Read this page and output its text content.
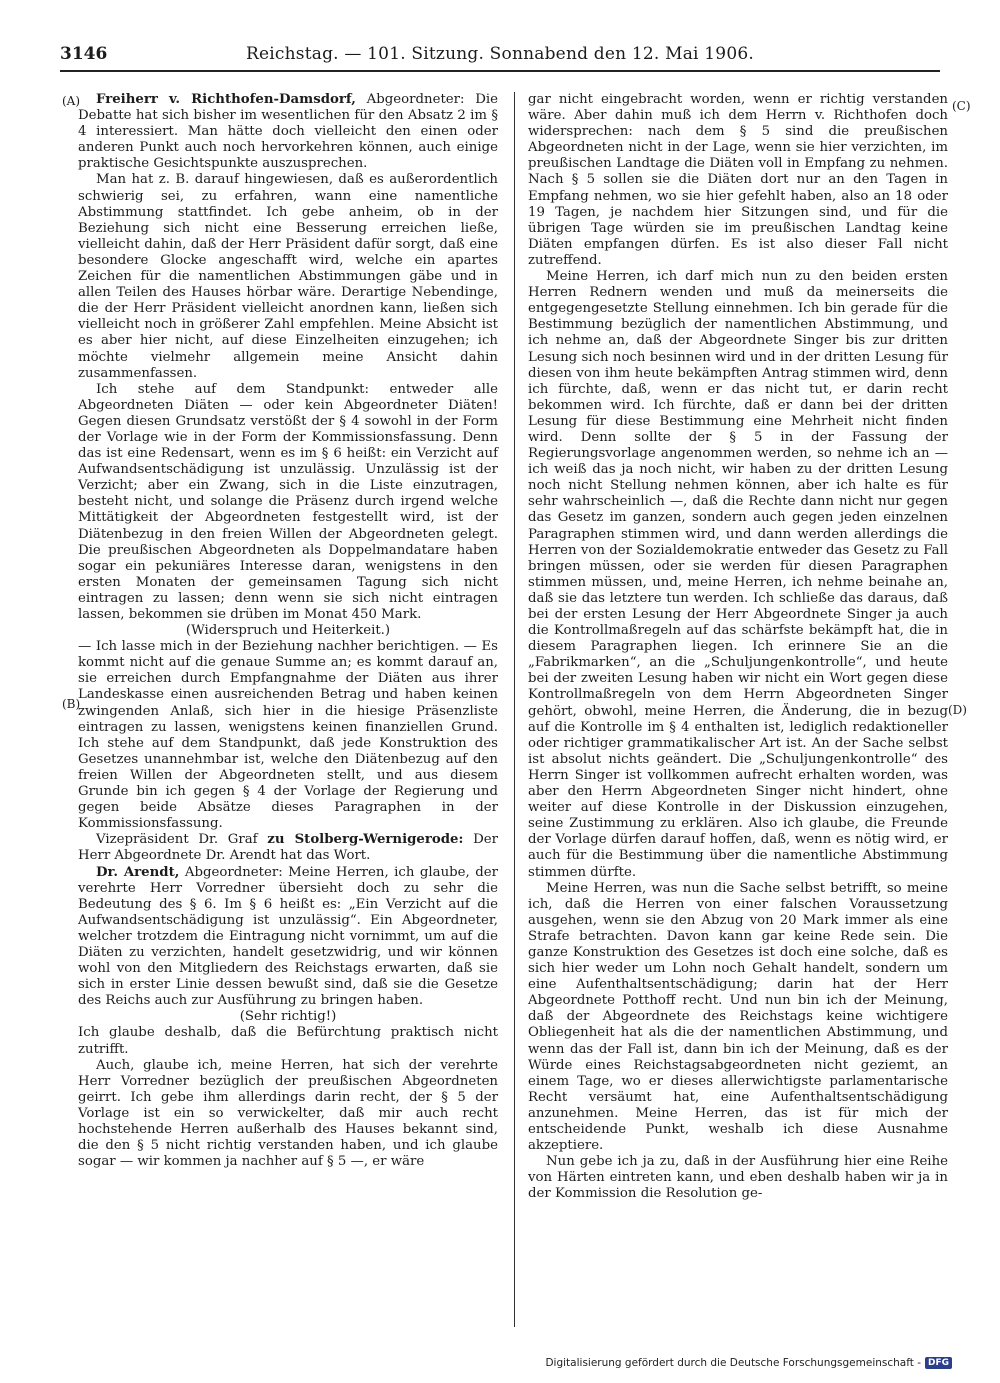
3146	Reichstag. — 101. Sitzung. Sonnabend den 12. Mai 1906.
(A)
(B)
(C)
(D)

Freiherr v. Richthofen-Damsdorf, Abgeordneter: Die Debatte hat sich bisher im wesentlichen für den Absatz 2 im § 4 interessiert. Man hätte doch vielleicht den einen oder anderen Punkt auch noch hervorkehren können, auch einige praktische Gesichtspunkte auszusprechen.

Man hat z. B. darauf hingewiesen, daß es außerordentlich schwierig sei, zu erfahren, wann eine namentliche Abstimmung stattfindet. Ich gebe anheim, ob in der Beziehung sich nicht eine Besserung erreichen ließe, vielleicht dahin, daß der Herr Präsident dafür sorgt, daß eine besondere Glocke angeschafft wird, welche ein apartes Zeichen für die namentlichen Abstimmungen gäbe und in allen Teilen des Hauses hörbar wäre. Derartige Nebendinge, die der Herr Präsident vielleicht anordnen kann, ließen sich vielleicht noch in größerer Zahl empfehlen. Meine Absicht ist es aber hier nicht, auf diese Einzelheiten einzugehen; ich möchte vielmehr allgemein meine Ansicht dahin zusammenfassen.

Ich stehe auf dem Standpunkt: entweder alle Abgeordneten Diäten — oder kein Abgeordneter Diäten! Gegen diesen Grundsatz verstößt der § 4 sowohl in der Form der Vorlage wie in der Form der Kommissionsfassung. Denn das ist eine Redensart, wenn es im § 6 heißt: ein Verzicht auf Aufwandsentschädigung ist unzulässig. Unzulässig ist der Verzicht; aber ein Zwang, sich in die Liste einzutragen, besteht nicht, und solange die Präsenz durch irgend welche Mittätigkeit der Abgeordneten festgestellt wird, ist der Diätenbezug in den freien Willen der Abgeordneten gelegt. Die preußischen Abgeordneten als Doppelmandatare haben sogar ein pekuniäres Interesse daran, wenigstens in den ersten Monaten der gemeinsamen Tagung sich nicht eintragen zu lassen; denn wenn sie sich nicht eintragen lassen, bekommen sie drüben im Monat 450 Mark.

(Widerspruch und Heiterkeit.)

— Ich lasse mich in der Beziehung nachher berichtigen. — Es kommt nicht auf die genaue Summe an; es kommt darauf an, sie erreichen durch Empfangnahme der Diäten aus ihrer Landeskasse einen ausreichenden Betrag und haben keinen zwingenden Anlaß, sich hier in die hiesige Präsenzliste eintragen zu lassen, wenigstens keinen finanziellen Grund. Ich stehe auf dem Standpunkt, daß jede Konstruktion des Gesetzes unannehmbar ist, welche den Diätenbezug auf den freien Willen der Abgeordneten stellt, und aus diesem Grunde bin ich gegen § 4 der Vorlage der Regierung und gegen beide Absätze dieses Paragraphen in der Kommissionsfassung.

Vizepräsident Dr. Graf zu Stolberg-Wernigerode: Der Herr Abgeordnete Dr. Arendt hat das Wort.

Dr. Arendt, Abgeordneter: Meine Herren, ich glaube, der verehrte Herr Vorredner übersieht doch zu sehr die Bedeutung des § 6. Im § 6 heißt es: „Ein Verzicht auf die Aufwandsentschädigung ist unzulässig“. Ein Abgeordneter, welcher trotzdem die Eintragung nicht vornimmt, um auf die Diäten zu verzichten, handelt gesetzwidrig, und wir können wohl von den Mitgliedern des Reichstags erwarten, daß sie sich in erster Linie dessen bewußt sind, daß sie die Gesetze des Reichs auch zur Ausführung zu bringen haben.

(Sehr richtig!)

Ich glaube deshalb, daß die Befürchtung praktisch nicht zutrifft.

Auch, glaube ich, meine Herren, hat sich der verehrte Herr Vorredner bezüglich der preußischen Abgeordneten geirrt. Ich gebe ihm allerdings darin recht, der § 5 der Vorlage ist ein so verwickelter, daß mir auch recht hochstehende Herren außerhalb des Hauses bekannt sind, die den § 5 nicht richtig verstanden haben, und ich glaube sogar — wir kommen ja nachher auf § 5 —, er wäre

gar nicht eingebracht worden, wenn er richtig verstanden wäre. Aber dahin muß ich dem Herrn v. Richthofen doch widersprechen: nach dem § 5 sind die preußischen Abgeordneten nicht in der Lage, wenn sie hier verzichten, im preußischen Landtage die Diäten voll in Empfang zu nehmen. Nach § 5 sollen sie die Diäten dort nur an den Tagen in Empfang nehmen, wo sie hier gefehlt haben, also an 18 oder 19 Tagen, je nachdem hier Sitzungen sind, und für die übrigen Tage würden sie im preußischen Landtag keine Diäten empfangen dürfen. Es ist also dieser Fall nicht zutreffend.

Meine Herren, ich darf mich nun zu den beiden ersten Herren Rednern wenden und muß da meinerseits die entgegengesetzte Stellung einnehmen. Ich bin gerade für die Bestimmung bezüglich der namentlichen Abstimmung, und ich nehme an, daß der Abgeordnete Singer bis zur dritten Lesung sich noch besinnen wird und in der dritten Lesung für diesen von ihm heute bekämpften Antrag stimmen wird, denn ich fürchte, daß, wenn er das nicht tut, er darin recht bekommen wird. Ich fürchte, daß er dann bei der dritten Lesung für diese Bestimmung eine Mehrheit nicht finden wird. Denn sollte der § 5 in der Fassung der Regierungsvorlage angenommen werden, so nehme ich an — ich weiß das ja noch nicht, wir haben zu der dritten Lesung noch nicht Stellung nehmen können, aber ich halte es für sehr wahrscheinlich —, daß die Rechte dann nicht nur gegen das Gesetz im ganzen, sondern auch gegen jeden einzelnen Paragraphen stimmen wird, und dann werden allerdings die Herren von der Sozialdemokratie entweder das Gesetz zu Fall bringen müssen, oder sie werden für diesen Paragraphen stimmen müssen, und, meine Herren, ich nehme beinahe an, daß sie das letztere tun werden. Ich schließe das daraus, daß bei der ersten Lesung der Herr Abgeordnete Singer ja auch die Kontrollmaßregeln auf das schärfste bekämpft hat, die in diesem Paragraphen liegen. Ich erinnere Sie an die „Fabrikmarken“, an die „Schuljungenkontrolle“, und heute bei der zweiten Lesung haben wir nicht ein Wort gegen diese Kontrollmaßregeln von dem Herrn Abgeordneten Singer gehört, obwohl, meine Herren, die Änderung, die in bezug auf die Kontrolle im § 4 enthalten ist, lediglich redaktioneller oder richtiger grammatikalischer Art ist. An der Sache selbst ist absolut nichts geändert. Die „Schuljungenkontrolle“ des Herrn Singer ist vollkommen aufrecht erhalten worden, was aber den Herrn Abgeordneten Singer nicht hindert, ohne weiter auf diese Kontrolle in der Diskussion einzugehen, seine Zustimmung zu erklären. Also ich glaube, die Freunde der Vorlage dürfen darauf hoffen, daß, wenn es nötig wird, er auch für die Bestimmung über die namentliche Abstimmung stimmen dürfte.

Meine Herren, was nun die Sache selbst betrifft, so meine ich, daß die Herren von einer falschen Voraussetzung ausgehen, wenn sie den Abzug von 20 Mark immer als eine Strafe betrachten. Davon kann gar keine Rede sein. Die ganze Konstruktion des Gesetzes ist doch eine solche, daß es sich hier weder um Lohn noch Gehalt handelt, sondern um eine Aufenthaltsentschädigung; darin hat der Herr Abgeordnete Potthoff recht. Und nun bin ich der Meinung, daß der Abgeordnete des Reichstags keine wichtigere Obliegenheit hat als die der namentlichen Abstimmung, und wenn das der Fall ist, dann bin ich der Meinung, daß es der Würde eines Reichstagsabgeordneten nicht geziemt, an einem Tage, wo er dieses allerwichtigste parlamentarische Recht versäumt hat, eine Aufenthaltsentschädigung anzunehmen. Meine Herren, das ist für mich der entscheidende Punkt, weshalb ich diese Ausnahme akzeptiere.

Nun gebe ich ja zu, daß in der Ausführung hier eine Reihe von Härten eintreten kann, und eben deshalb haben wir ja in der Kommission die Resolution ge-

Digitalisierung gefördert durch die Deutsche Forschungsgemeinschaft - DFG
